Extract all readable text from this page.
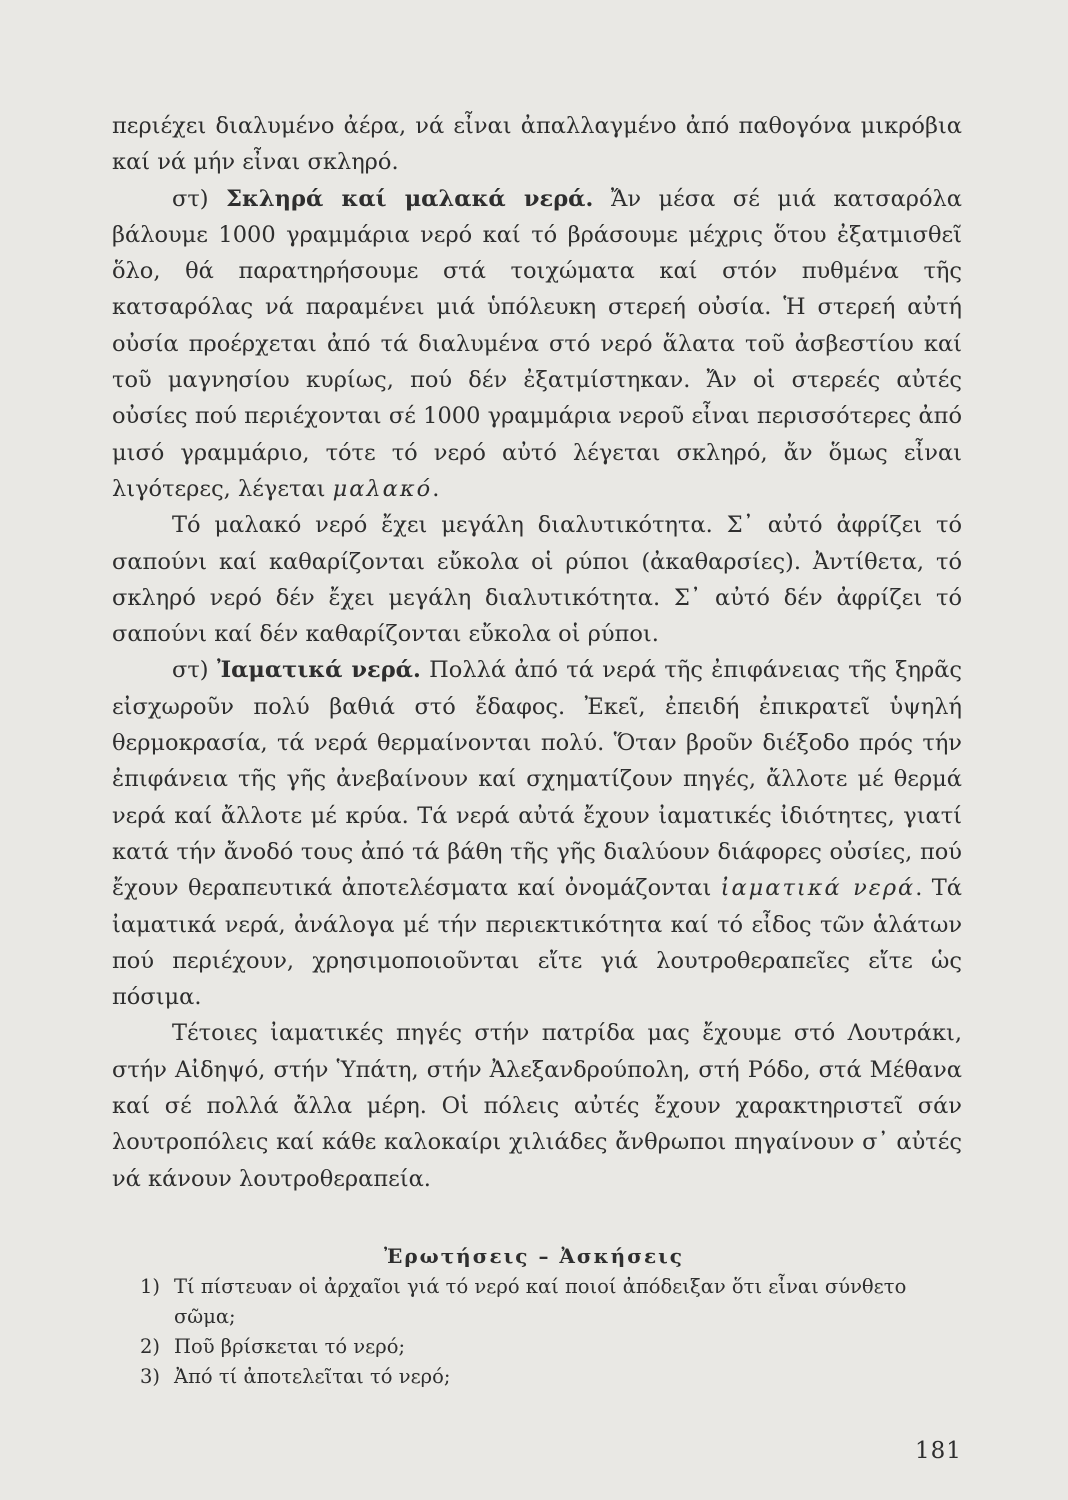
περιέχει διαλυμένο ἀέρα, νά εἶναι ἀπαλλαγμένο ἀπό παθογόνα μικρόβια καί νά μήν εἶναι σκληρό.

στ) Σκληρά καί μαλακά νερά. Ἄν μέσα σέ μιά κατσαρόλα βάλουμε 1000 γραμμάρια νερό καί τό βράσουμε μέχρις ὅτου ἐξατμισθεῖ ὅλο, θά παρατηρήσουμε στά τοιχώματα καί στόν πυθμένα τῆς κατσαρόλας νά παραμένει μιά ὑπόλευκη στερεή οὐσία. Ἡ στερεή αὐτή οὐσία προέρχεται ἀπό τά διαλυμένα στό νερό ἅλατα τοῦ ἀσβεστίου καί τοῦ μαγνησίου κυρίως, πού δέν ἐξατμίστηκαν. Ἄν οἱ στερεές αὐτές οὐσίες πού περιέχονται σέ 1000 γραμμάρια νεροῦ εἶναι περισσότερες ἀπό μισό γραμμάριο, τότε τό νερό αὐτό λέγεται σκληρό, ἄν ὅμως εἶναι λιγότερες, λέγεται μαλακό.

Τό μαλακό νερό ἔχει μεγάλη διαλυτικότητα. Σ᾽ αὐτό ἀφρίζει τό σαπούνι καί καθαρίζονται εὔκολα οἱ ρύποι (ἀκαθαρσίες). Ἀντίθετα, τό σκληρό νερό δέν ἔχει μεγάλη διαλυτικότητα. Σ᾽ αὐτό δέν ἀφρίζει τό σαπούνι καί δέν καθαρίζονται εὔκολα οἱ ρύποι.

στ) Ἰαματικά νερά. Πολλά ἀπό τά νερά τῆς ἐπιφάνειας τῆς ξηρᾶς εἰσχωροῦν πολύ βαθιά στό ἔδαφος. Ἐκεῖ, ἐπειδή ἐπικρατεῖ ὑψηλή θερμοκρασία, τά νερά θερμαίνονται πολύ. Ὅταν βροῦν διέξοδο πρός τήν ἐπιφάνεια τῆς γῆς ἀνεβαίνουν καί σχηματίζουν πηγές, ἄλλοτε μέ θερμά νερά καί ἄλλοτε μέ κρύα. Τά νερά αὐτά ἔχουν ἰαματικές ἰδιότητες, γιατί κατά τήν ἄνοδό τους ἀπό τά βάθη τῆς γῆς διαλύουν διάφορες οὐσίες, πού ἔχουν θεραπευτικά ἀποτελέσματα καί ὀνομάζονται ἰαματικά νερά. Τά ἰαματικά νερά, ἀνάλογα μέ τήν περιεκτικότητα καί τό εἶδος τῶν ἁλάτων πού περιέχουν, χρησιμοποιοῦνται εἴτε γιά λουτροθεραπεῖες εἴτε ὡς πόσιμα.

Τέτοιες ἰαματικές πηγές στήν πατρίδα μας ἔχουμε στό Λουτράκι, στήν Αἰδηψό, στήν Ὑπάτη, στήν Ἀλεξανδρούπολη, στή Ρόδο, στά Μέθανα καί σέ πολλά ἄλλα μέρη. Οἱ πόλεις αὐτές ἔχουν χαρακτηριστεῖ σάν λουτροπόλεις καί κάθε καλοκαίρι χιλιάδες ἄνθρωποι πηγαίνουν σ᾽ αὐτές νά κάνουν λουτροθεραπεία.

Ἐρωτήσεις – Ἀσκήσεις
1) Τί πίστευαν οἱ ἀρχαῖοι γιά τό νερό καί ποιοί ἀπόδειξαν ὅτι εἶναι σύνθετο σῶμα;
2) Ποῦ βρίσκεται τό νερό;
3) Ἀπό τί ἀποτελεῖται τό νερό;
181
